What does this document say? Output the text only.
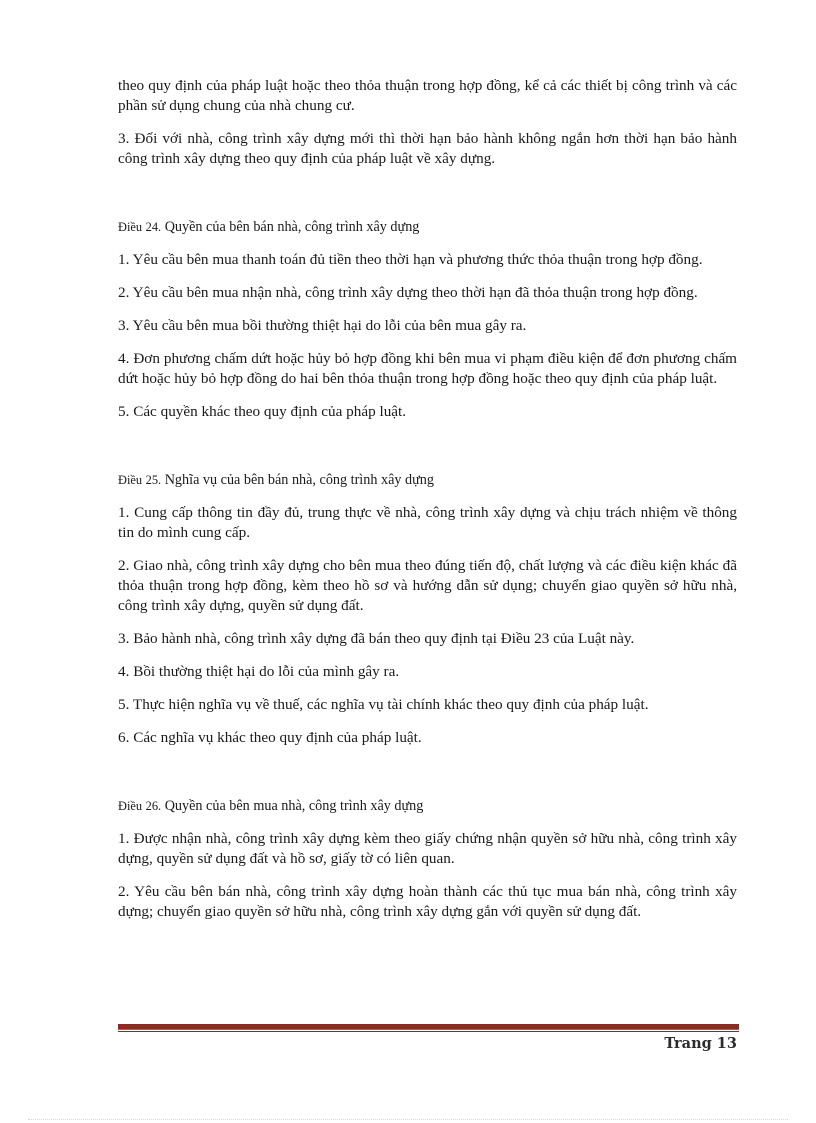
theo quy định của pháp luật hoặc theo thỏa thuận trong hợp đồng, kể cả các thiết bị công trình và các phần sử dụng chung của nhà chung cư.

3. Đối với nhà, công trình xây dựng mới thì thời hạn bảo hành không ngắn hơn thời hạn bảo hành công trình xây dựng theo quy định của pháp luật về xây dựng.

Điều 24. Quyền của bên bán nhà, công trình xây dựng

1. Yêu cầu bên mua thanh toán đủ tiền theo thời hạn và phương thức thỏa thuận trong hợp đồng.

2. Yêu cầu bên mua nhận nhà, công trình xây dựng theo thời hạn đã thỏa thuận trong hợp đồng.

3. Yêu cầu bên mua bồi thường thiệt hại do lỗi của bên mua gây ra.

4. Đơn phương chấm dứt hoặc hủy bỏ hợp đồng khi bên mua vi phạm điều kiện để đơn phương chấm dứt hoặc hủy bỏ hợp đồng do hai bên thỏa thuận trong hợp đồng hoặc theo quy định của pháp luật.

5. Các quyền khác theo quy định của pháp luật.

Điều 25. Nghĩa vụ của bên bán nhà, công trình xây dựng

1. Cung cấp thông tin đầy đủ, trung thực về nhà, công trình xây dựng và chịu trách nhiệm về thông tin do mình cung cấp.

2. Giao nhà, công trình xây dựng cho bên mua theo đúng tiến độ, chất lượng và các điều kiện khác đã thỏa thuận trong hợp đồng, kèm theo hồ sơ và hướng dẫn sử dụng; chuyển giao quyền sở hữu nhà, công trình xây dựng, quyền sử dụng đất.

3. Bảo hành nhà, công trình xây dựng đã bán theo quy định tại Điều 23 của Luật này.

4. Bồi thường thiệt hại do lỗi của mình gây ra.

5. Thực hiện nghĩa vụ về thuế, các nghĩa vụ tài chính khác theo quy định của pháp luật.

6. Các nghĩa vụ khác theo quy định của pháp luật.

Điều 26. Quyền của bên mua nhà, công trình xây dựng

1. Được nhận nhà, công trình xây dựng kèm theo giấy chứng nhận quyền sở hữu nhà, công trình xây dựng, quyền sử dụng đất và hồ sơ, giấy tờ có liên quan.

2. Yêu cầu bên bán nhà, công trình xây dựng hoàn thành các thủ tục mua bán nhà, công trình xây dựng; chuyển giao quyền sở hữu nhà, công trình xây dựng gắn với quyền sử dụng đất.

Trang 13
